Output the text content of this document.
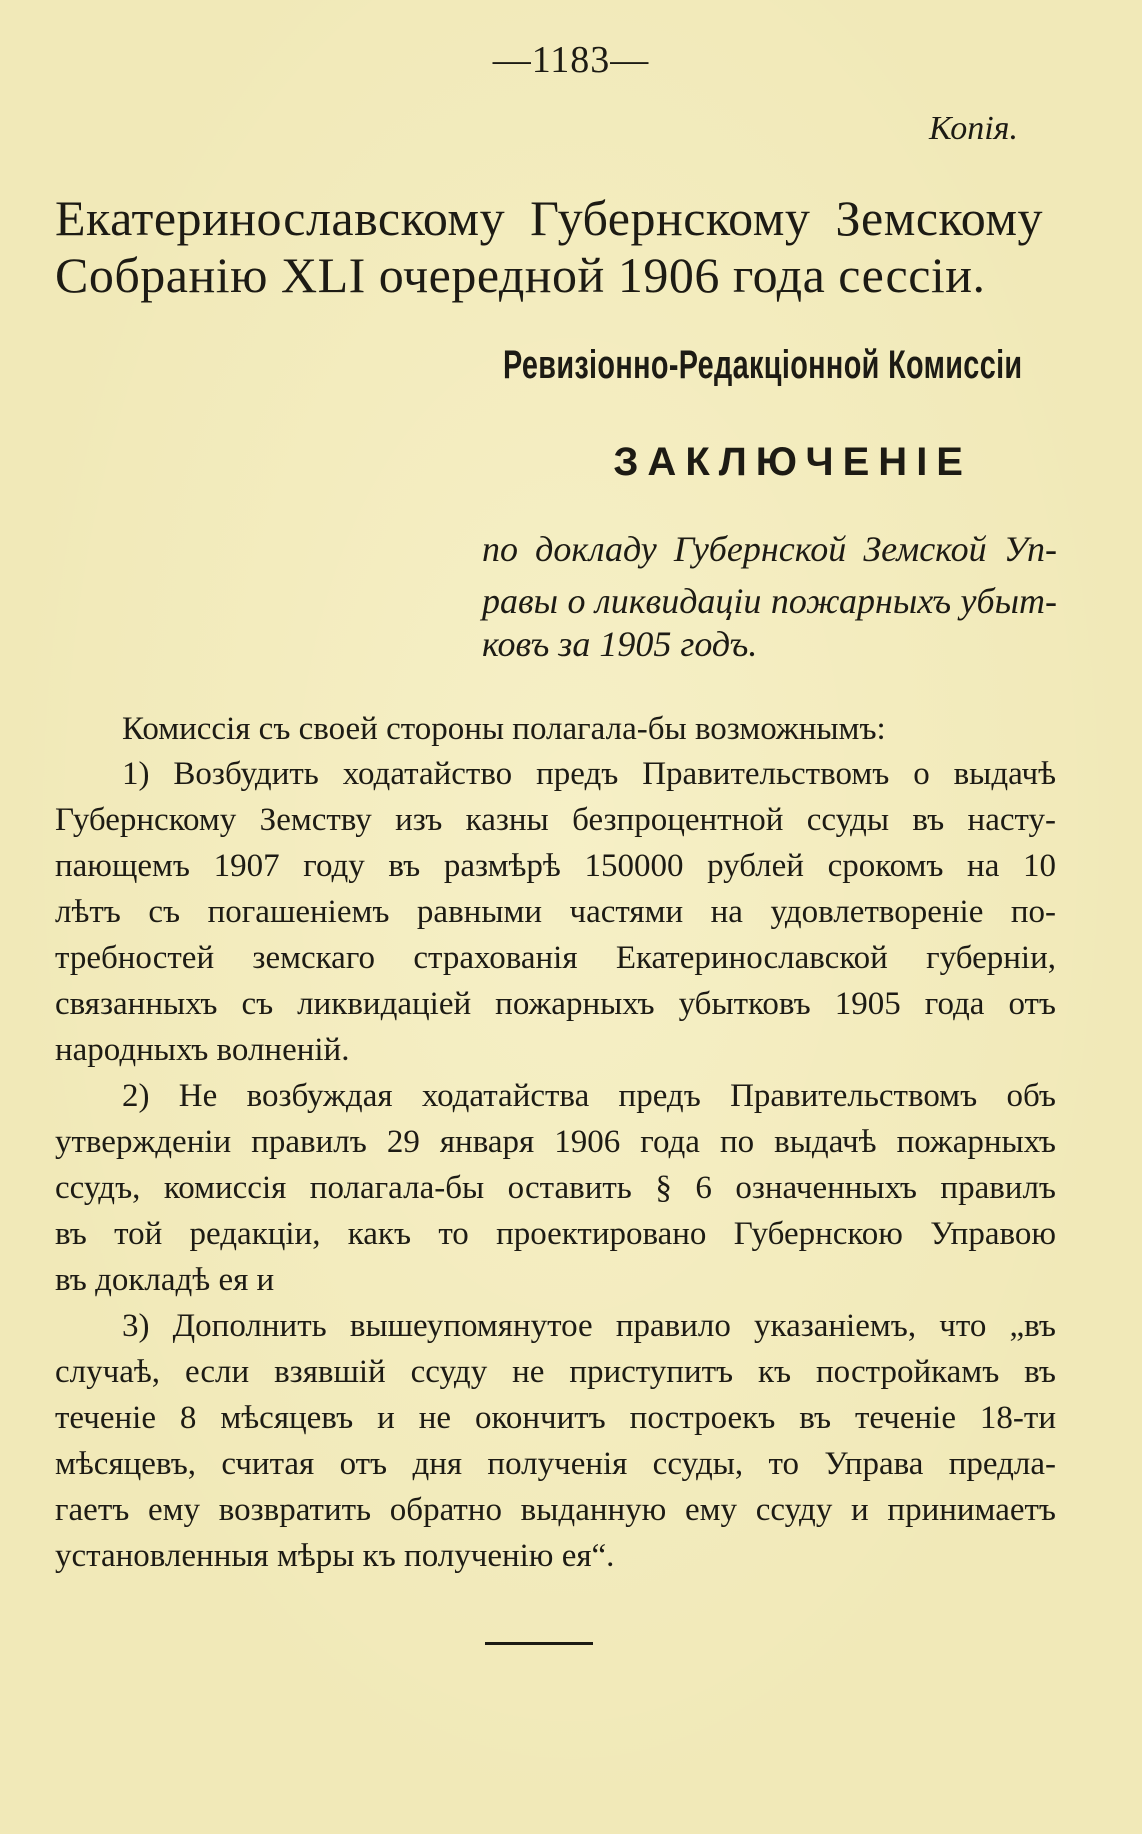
—1183—
Копія.
Екатеринославскому Губернскому Земскому
Собранію XLI очередной 1906 года сессіи.
Ревизіонно-Редакціонной Комиссіи
ЗАКЛЮЧЕНІЕ
по докладу Губернской Земской Уп-
равы о ликвидаціи пожарныхъ убыт-
ковъ за 1905 годъ.
Комиссія съ своей стороны полагала-бы возможнымъ:
1) Возбудить ходатайство предъ Правительствомъ о выдачѣ
Губернскому Земству изъ казны безпроцентной ссуды въ насту-
пающемъ 1907 году въ размѣрѣ 150000 рублей срокомъ на 10
лѣтъ съ погашеніемъ равными частями на удовлетвореніе по-
требностей земскаго страхованія Екатеринославской губерніи,
связанныхъ съ ликвидаціей пожарныхъ убытковъ 1905 года отъ
народныхъ волненій.
2) Не возбуждая ходатайства предъ Правительствомъ объ
утвержденіи правилъ 29 января 1906 года по выдачѣ пожарныхъ
ссудъ, комиссія полагала-бы оставить § 6 означенныхъ правилъ
въ той редакціи, какъ то проектировано Губернскою Управою
въ докладѣ ея и
3) Дополнить вышеупомянутое правило указаніемъ, что „въ
случаѣ, если взявшій ссуду не приступитъ къ постройкамъ въ
теченіе 8 мѣсяцевъ и не окончитъ построекъ въ теченіе 18-ти
мѣсяцевъ, считая отъ дня полученія ссуды, то Управа предла-
гаетъ ему возвратить обратно выданную ему ссуду и принимаетъ
установленныя мѣры къ полученію ея“.
